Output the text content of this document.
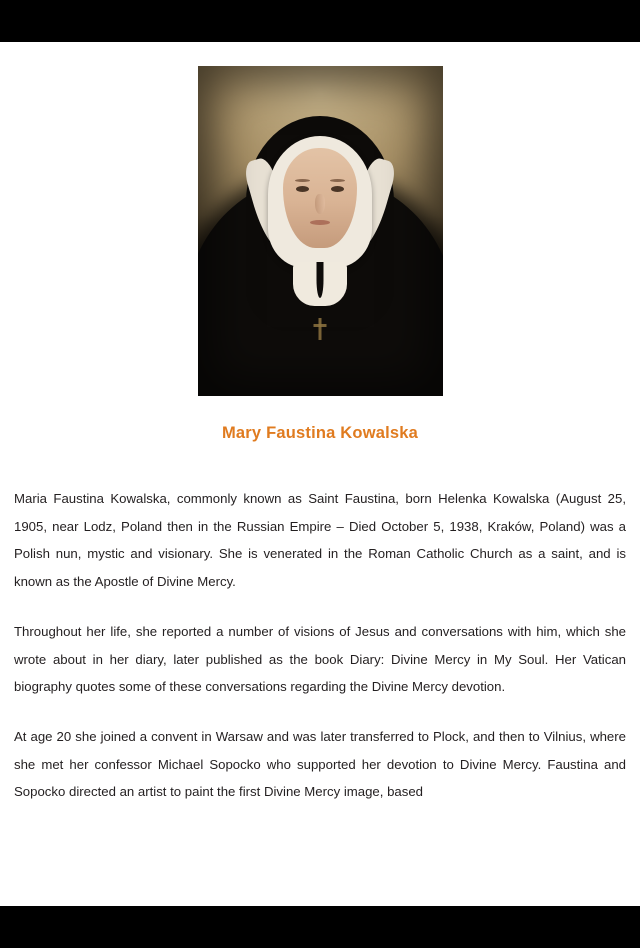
Mary Faustina Kowalska

Maria Faustina Kowalska, commonly known as Saint Faustina, born Helenka Kowalska (August 25, 1905, near Lodz, Poland then in the Russian Empire – Died October 5, 1938, Kraków, Poland) was a Polish nun, mystic and visionary. She is venerated in the Roman Catholic Church as a saint, and is known as the Apostle of Divine Mercy.

Throughout her life, she reported a number of visions of Jesus and conversations with him, which she wrote about in her diary, later published as the book Diary: Divine Mercy in My Soul. Her Vatican biography quotes some of these conversations regarding the Divine Mercy devotion.

At age 20 she joined a convent in Warsaw and was later transferred to Plock, and then to Vilnius, where she met her confessor Michael Sopocko who supported her devotion to Divine Mercy. Faustina and Sopocko directed an artist to paint the first Divine Mercy image, based
